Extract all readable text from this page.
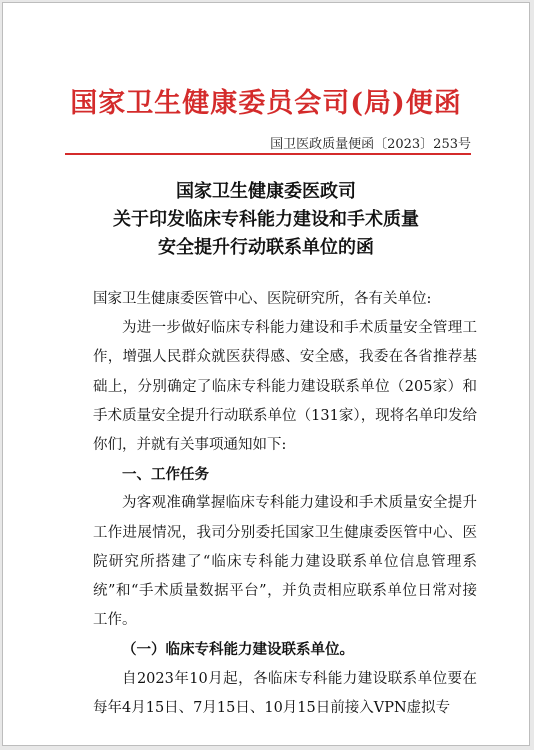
国家卫生健康委员会司(局)便函
国卫医政质量便函〔2023〕253号
国家卫生健康委医政司
关于印发临床专科能力建设和手术质量
安全提升行动联系单位的函

国家卫生健康委医管中心、医院研究所，各有关单位:

为进一步做好临床专科能力建设和手术质量安全管理工作，增强人民群众就医获得感、安全感，我委在各省推荐基础上，分别确定了临床专科能力建设联系单位（205家）和手术质量安全提升行动联系单位（131家），现将名单印发给你们，并就有关事项通知如下:

一、工作任务

为客观准确掌握临床专科能力建设和手术质量安全提升工作进展情况，我司分别委托国家卫生健康委医管中心、医院研究所搭建了“临床专科能力建设联系单位信息管理系统”和“手术质量数据平台”，并负责相应联系单位日常对接工作。

（一）临床专科能力建设联系单位。

自2023年10月起，各临床专科能力建设联系单位要在每年4月15日、7月15日、10月15日前接入VPN虚拟专
